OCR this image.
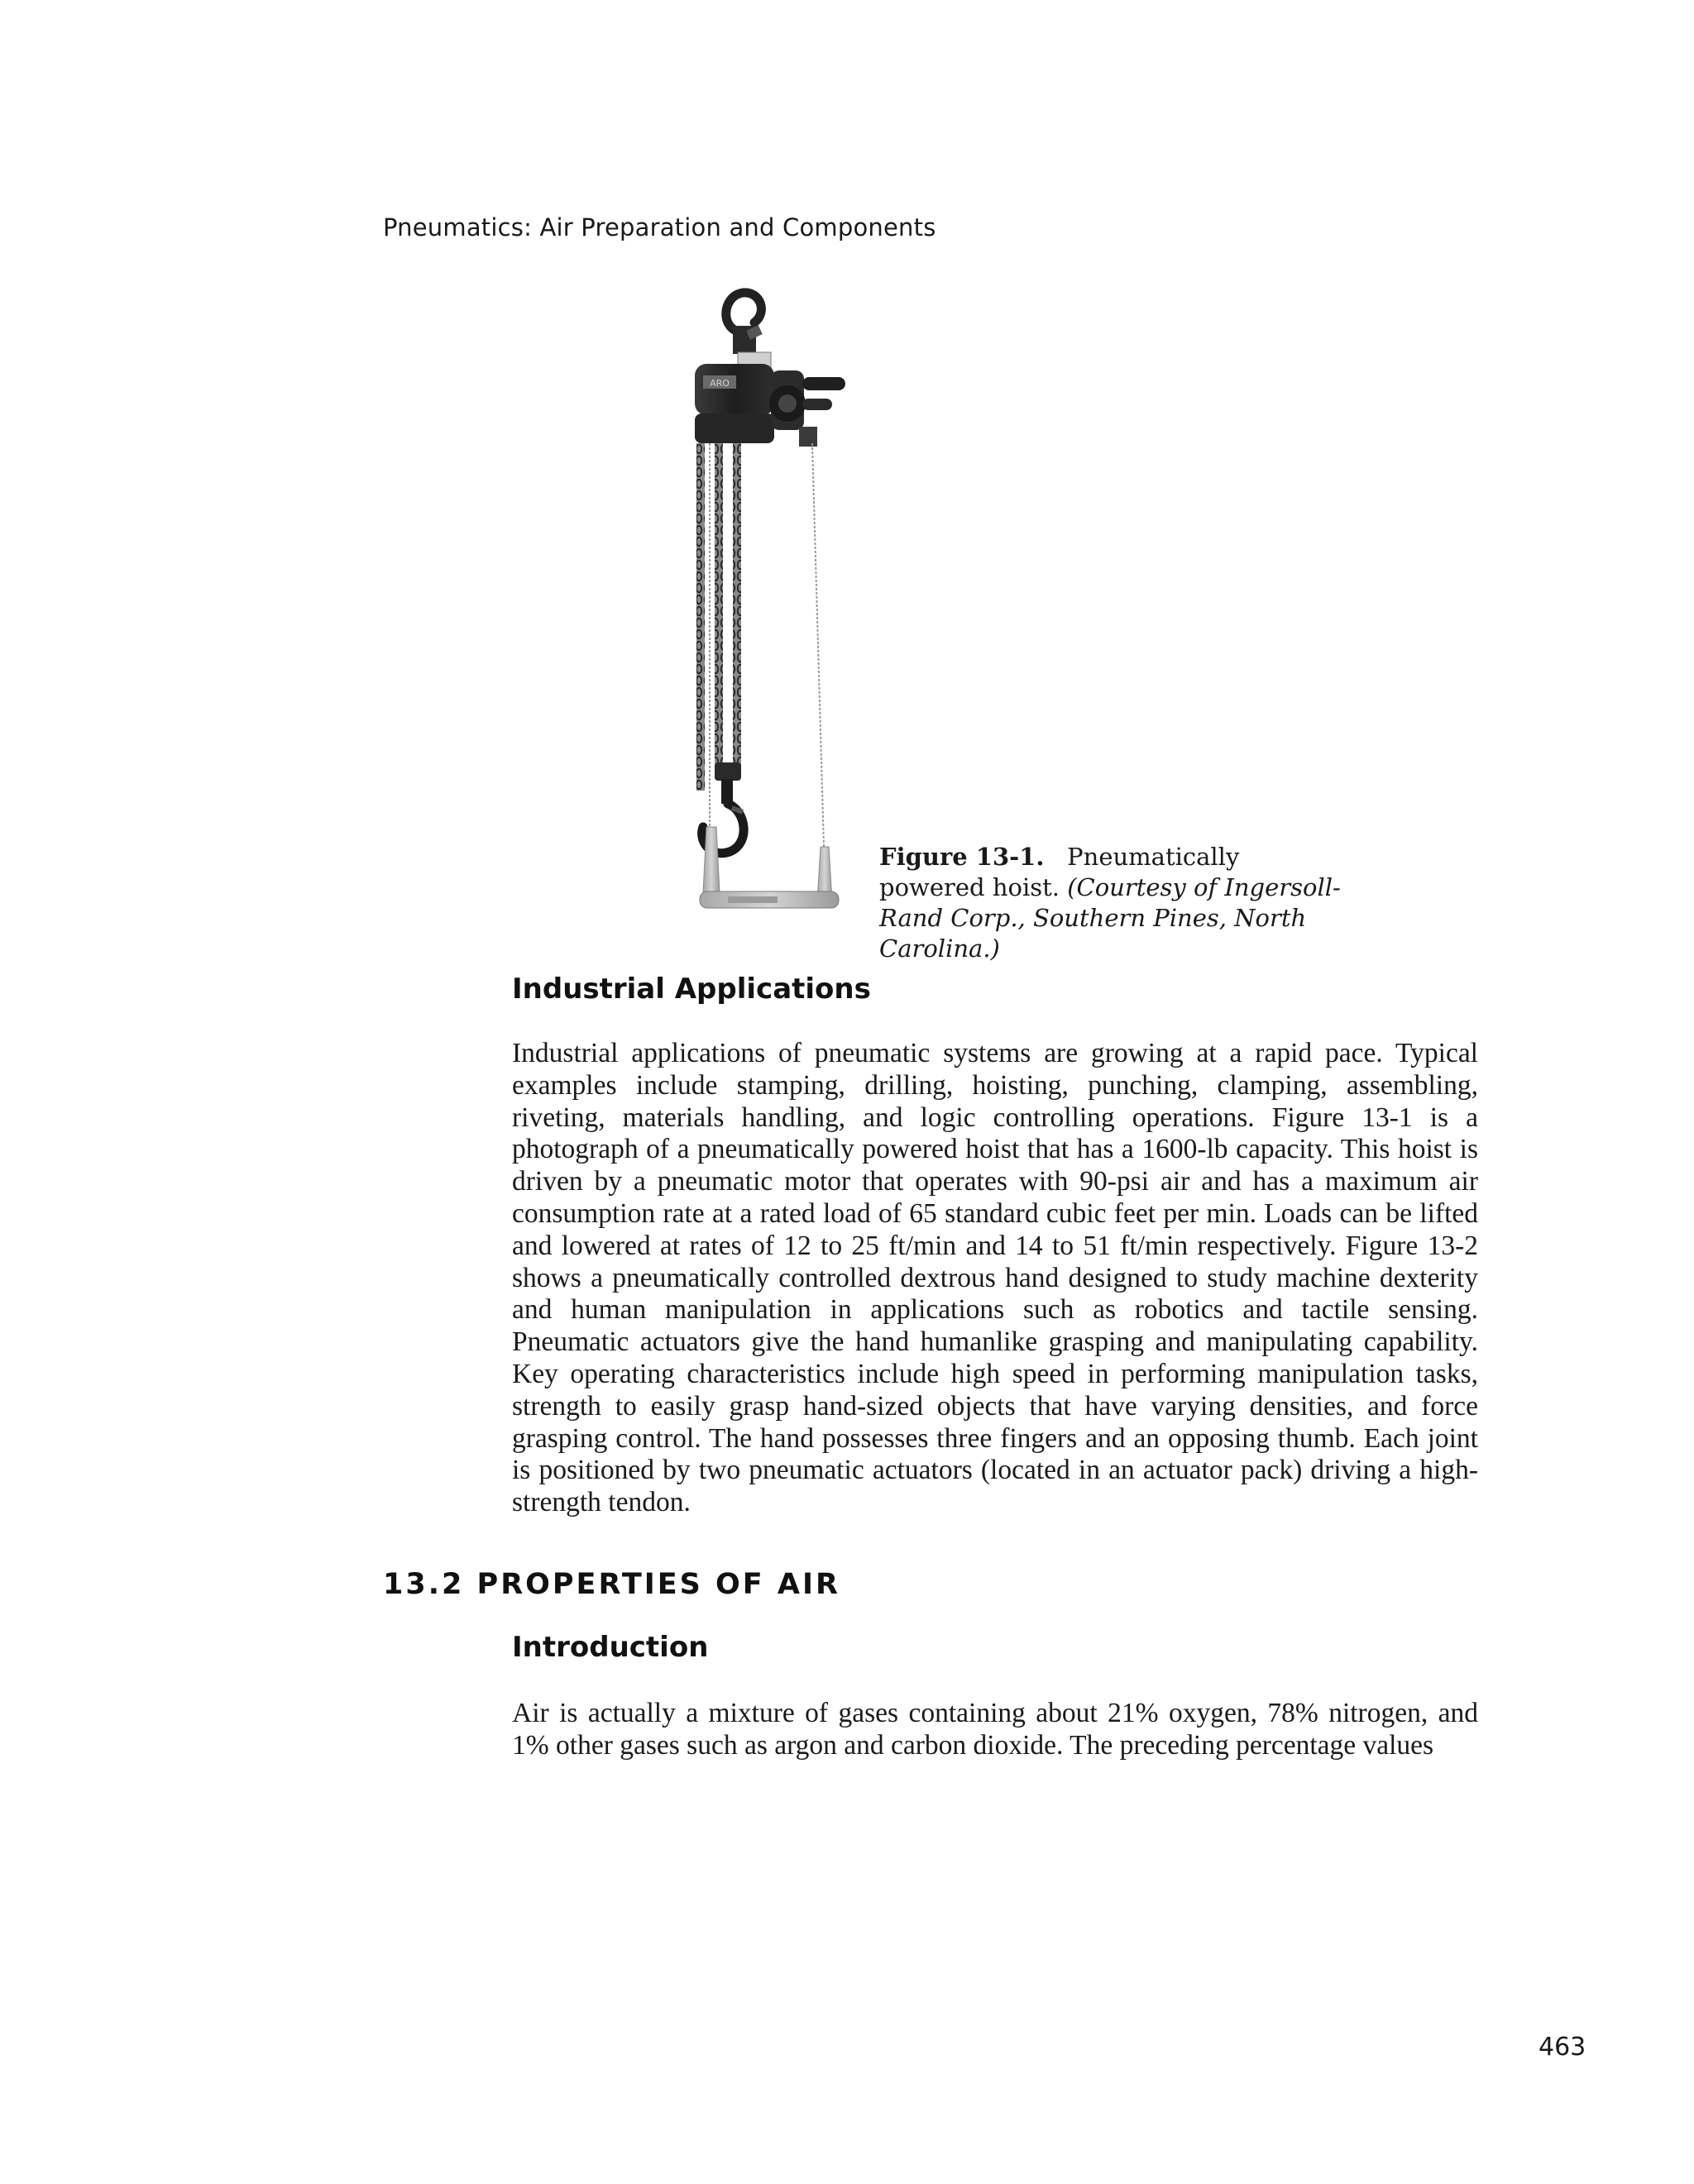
Pneumatics: Air Preparation and Components
ARO
Figure 13-1. Pneumatically powered hoist. (Courtesy of Ingersoll-Rand Corp., Southern Pines, North Carolina.)
Industrial Applications

Industrial applications of pneumatic systems are growing at a rapid pace. Typical examples include stamping, drilling, hoisting, punching, clamping, assembling, riveting, materials handling, and logic controlling operations. Figure 13-1 is a photograph of a pneumatically powered hoist that has a 1600-lb capacity. This hoist is driven by a pneumatic motor that operates with 90-psi air and has a maximum air consumption rate at a rated load of 65 standard cubic feet per min. Loads can be lifted and lowered at rates of 12 to 25 ft/min and 14 to 51 ft/min respectively. Figure 13-2 shows a pneumatically controlled dextrous hand designed to study machine dexterity and human manipulation in applications such as robotics and tactile sensing. Pneumatic actuators give the hand humanlike grasping and manipulating capability. Key operating characteristics include high speed in performing manipulation tasks, strength to easily grasp hand-sized objects that have varying densities, and force grasping control. The hand possesses three fingers and an opposing thumb. Each joint is positioned by two pneumatic actuators (located in an actuator pack) driving a high-strength tendon.

13.2 PROPERTIES OF AIR
Introduction

Air is actually a mixture of gases containing about 21% oxygen, 78% nitrogen, and 1% other gases such as argon and carbon dioxide. The preceding percentage values

463
